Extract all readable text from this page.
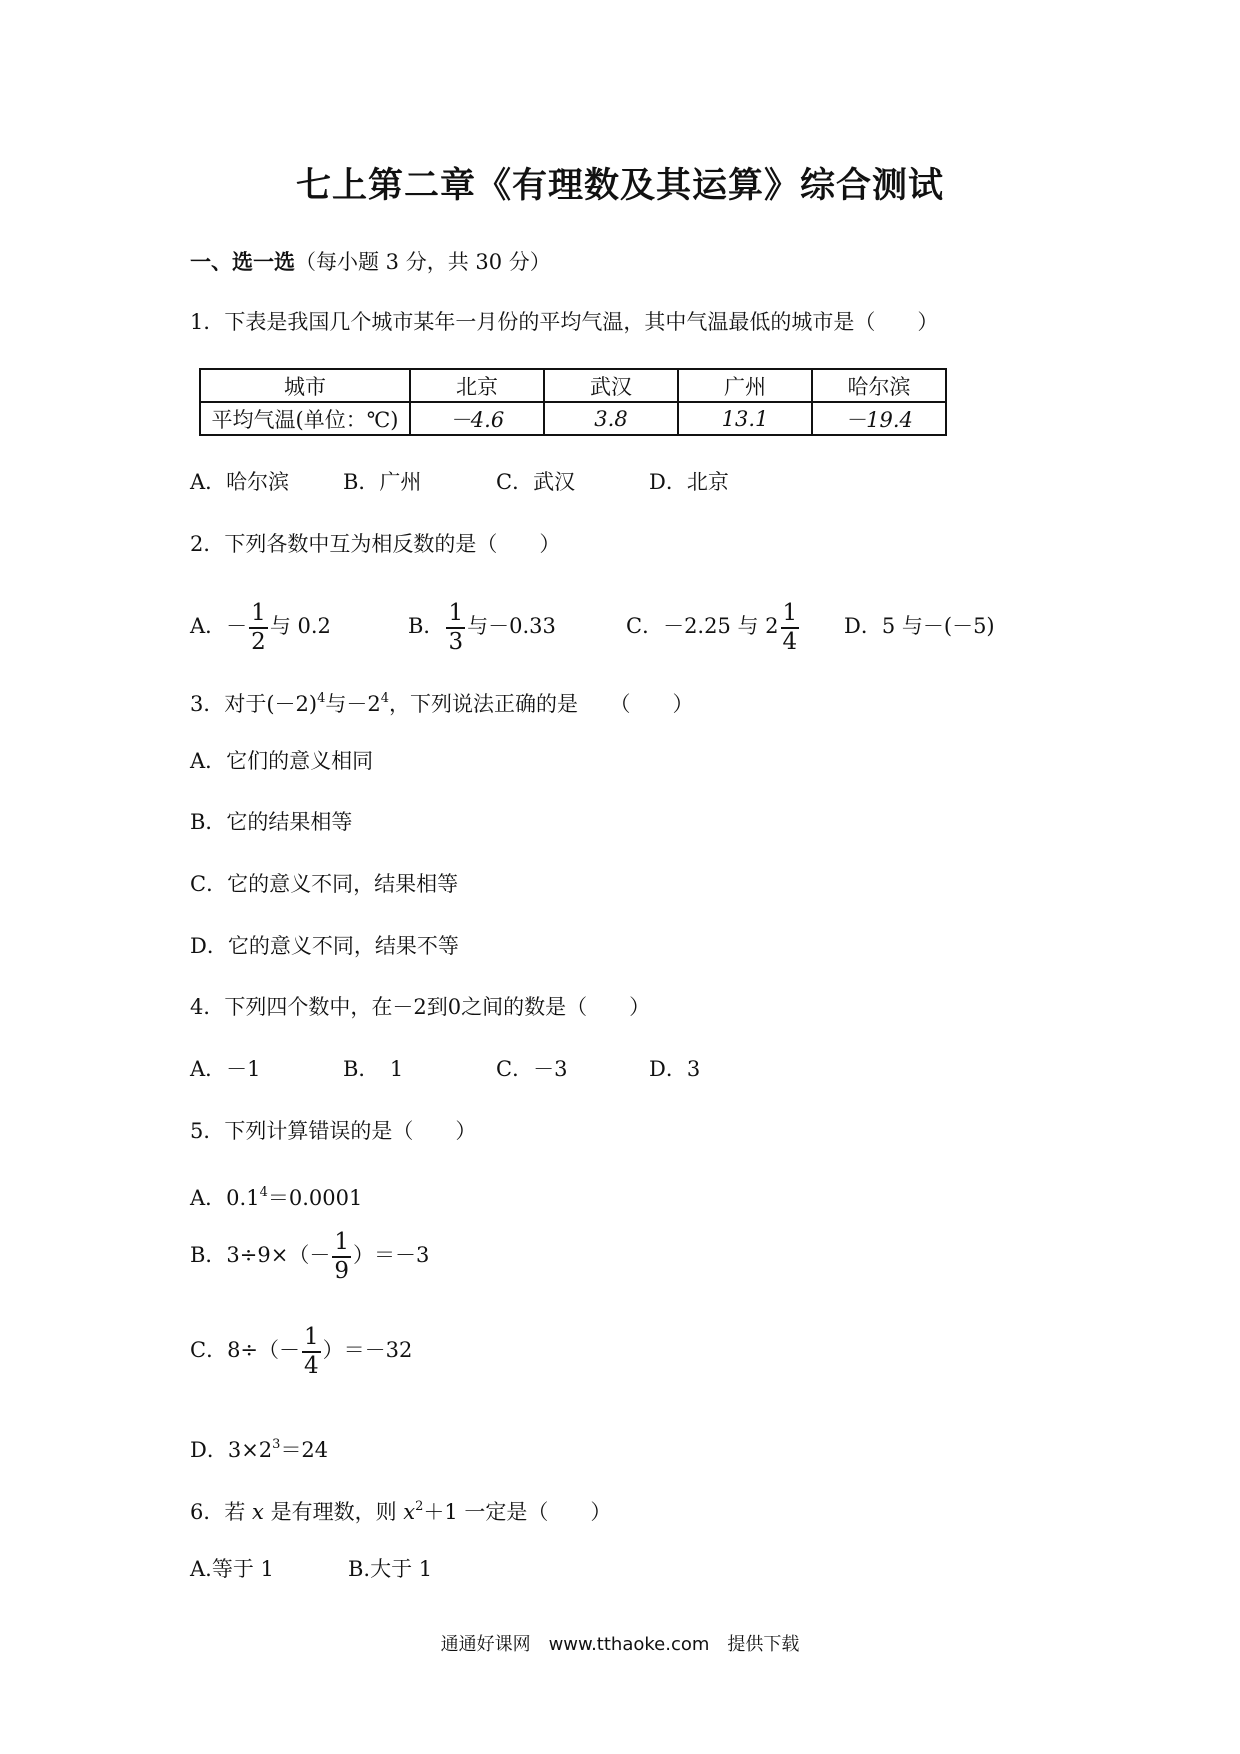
七上第二章《有理数及其运算》综合测试
一、选一选（每小题 3 分，共 30 分）
1．下表是我国几个城市某年一月份的平均气温，其中气温最低的城市是（　　）
城市	北京	武汉	广州	哈尔滨
平均气温(单位：℃)	－4.6	3.8	13.1	－19.4
A．哈尔滨	B．广州	C．武汉	D．北京
2．下列各数中互为相反数的是（　　）
A．－ $\frac{1}{2}$ 与 0.2	B． $\frac{1}{3}$ 与－0.33	C．－2.25 与 $2 \frac{1}{4}$ D．5 与－(－5)
3．对于$(-2)^4$与$-2^4$，下列说法正确的是　　（　　）
A．它们的意义相同
B．它的结果相等
C．它的意义不同，结果相等
D．它的意义不同，结果不等
4．下列四个数中，在－2到0之间的数是（　　）
A．－1	B．　1	C．－3	D．3
5．下列计算错误的是（　　）
A．$0.1^4=0.0001$
B．$3\div 9\times(- \frac{1}{9} )=-3$
C．$8\div(- \frac{1}{4} )=-32$
D．$3\times 2^3=24$
6．若 x 是有理数，则 $x^2+1$ 一定是（　　）
A.等于 1	B.大于 1
通通好课网　www.tthaoke.com　提供下载
